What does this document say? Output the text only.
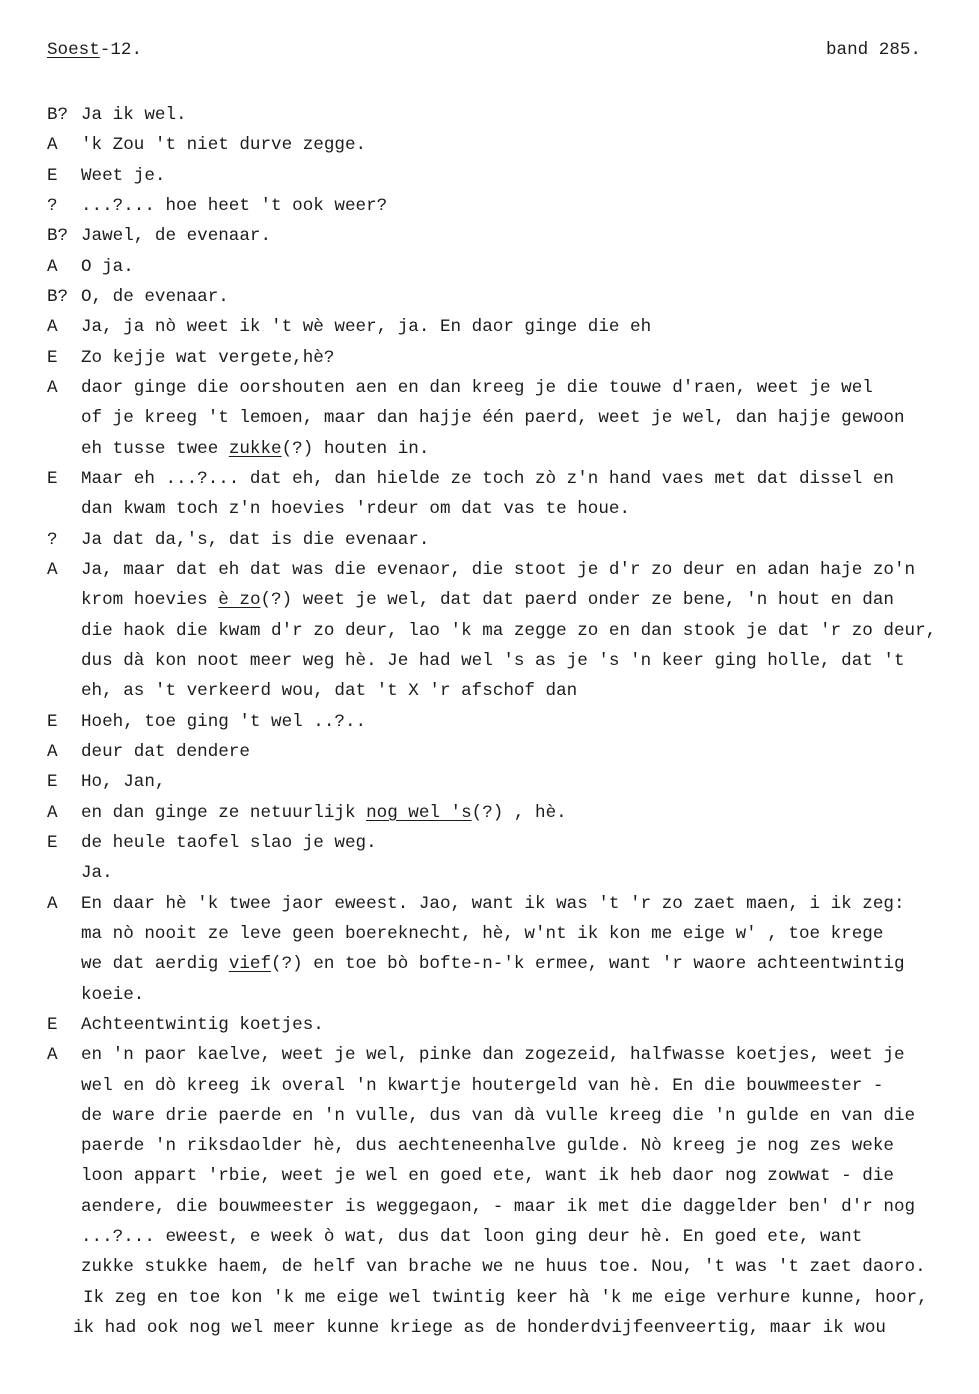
Soest-12.	band 285.
B? Ja ik wel.
A	'k Zou 't niet durve zegge.
E	Weet je.
?	...?... hoe heet 't ook weer?
B? Jawel, de evenaar.
A	O ja.
B? O, de evenaar.
A	Ja, ja nò weet ik 't wè weer, ja. En daor ginge die eh
E	Zo kejje wat vergete,hè?
A	daor ginge die oorshouten aen en dan kreeg je die touwe d'raen, weet je wel
of je kreeg 't lemoen, maar dan hajje één paerd, weet je wel, dan hajje gewoon
eh tusse twee zukke(?) houten in.
E	Maar eh ...?... dat eh, dan hielde ze toch zò z'n hand vaes met dat dissel en
dan kwam toch z'n hoevies 'rdeur om dat vas te houe.
?	Ja dat da,'s, dat is die evenaar.
A	Ja, maar dat eh dat was die evenaor, die stoot je d'r zo deur en adan haje zo'n
krom hoevies è zo(?) weet je wel, dat dat paerd onder ze bene, 'n hout en dan
die haok die kwam d'r zo deur, lao 'k ma zegge zo en dan stook je dat 'r zo deur,
dus dà kon noot meer weg hè. Je had wel 's as je 's 'n keer ging holle, dat 't
eh, as 't verkeerd wou, dat 't X 'r afschof dan
E	Hoeh, toe ging 't wel ..?..
A	deur dat dendere
E	Ho, Jan,
A	en dan ginge ze netuurlijk nog wel 's(?) , hè.
E	de heule taofel slao je weg.
Ja.
A	En daar hè 'k twee jaor eweest. Jao, want ik was 't 'r zo zaet maen, i ik zeg:
ma nò nooit ze leve geen boereknecht, hè, w'nt ik kon me eige w' , toe krege
we dat aerdig vief(?) en toe bò bofte-n-'k ermee, want 'r waore achteentwintig
koeie.
E	Achteentwintig koetjes.
A	en 'n paor kaelve, weet je wel, pinke dan zogezeid, halfwasse koetjes, weet je
wel en dò kreeg ik overal 'n kwartje houtergeld van hè. En die bouwmeester -
de ware drie paerde en 'n vulle, dus van dà vulle kreeg die 'n gulde en van die
paerde 'n riksdaolder hè, dus aechteneenhalve gulde. Nò kreeg je nog zes weke
loon appart 'rbie, weet je wel en goed ete, want ik heb daor nog zowwat - die
aendere, die bouwmeester is weggegaon, - maar ik met die daggelder ben' d'r nog
...?... eweest, e week ò wat, dus dat loon ging deur hè. En goed ete, want
zukke stukke haem, de helf van brache we ne huus toe. Nou, 't was 't zaet daoro.
Ik zeg en toe kon 'k me eige wel twintig keer hà 'k me eige verhure kunne, hoor,
ik had ook nog wel meer kunne kriege as de honderdvijfeenveertig, maar ik wou
